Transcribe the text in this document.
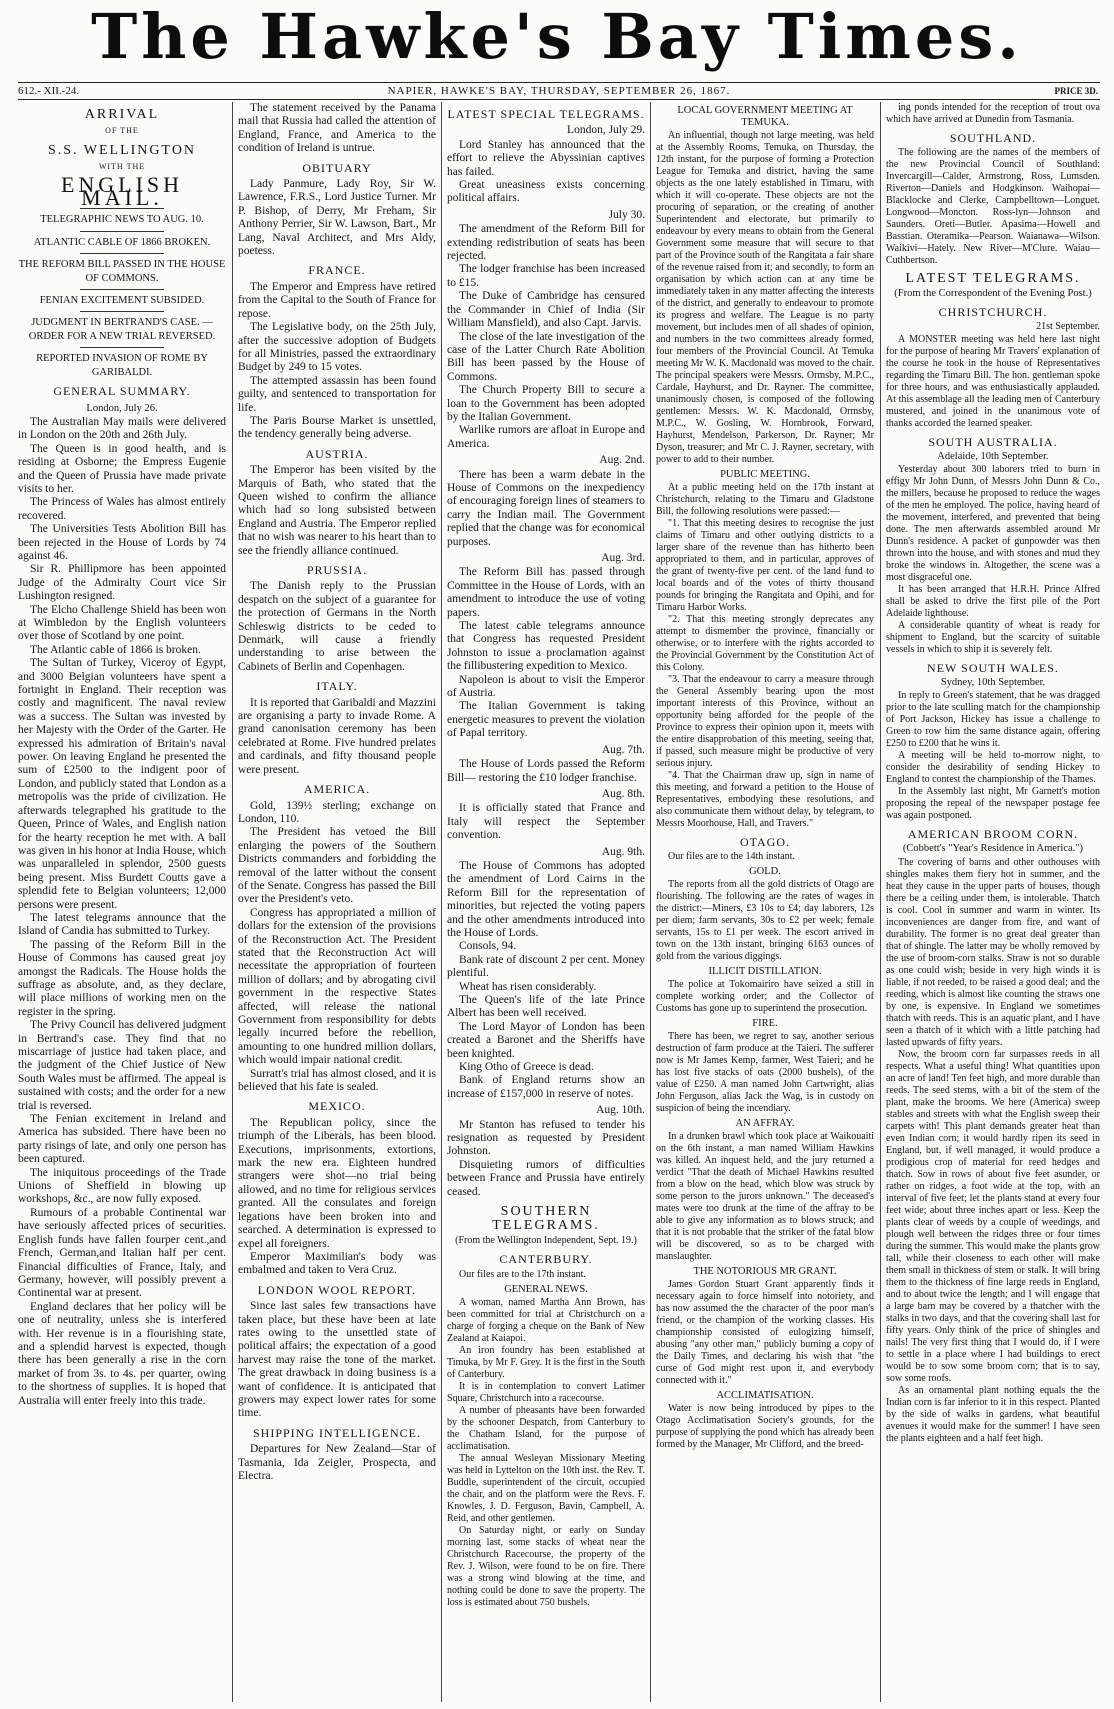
The Hawke's Bay Times.
612.- XII.-24.	NAPIER, HAWKE'S BAY, THURSDAY, SEPTEMBER 26, 1867.	PRICE 3D.
ARRIVAL
OF THE
S.S. WELLINGTON
WITH THE
ENGLISH MAIL.

TELEGRAPHIC NEWS TO AUG. 10.

ATLANTIC CABLE OF 1866 BROKEN.

THE REFORM BILL PASSED IN THE HOUSE OF COMMONS.

FENIAN EXCITEMENT SUBSIDED.

JUDGMENT IN BERTRAND'S CASE. —ORDER FOR A NEW TRIAL REVERSED.

REPORTED INVASION OF ROME BY GARIBALDI.

GENERAL SUMMARY.

London, July 26.

The Australian May mails were delivered in London on the 20th and 26th July.

The Queen is in good health, and is residing at Osborne; the Empress Eugenie and the Queen of Prussia have made private visits to her.

The Princess of Wales has almost entirely recovered.

The Universities Tests Abolition Bill has been rejected in the House of Lords by 74 against 46.

Sir R. Phillipmore has been appointed Judge of the Admiralty Court vice Sir Lushington resigned.

The Elcho Challenge Shield has been won at Wimbledon by the English volunteers over those of Scotland by one point.

The Atlantic cable of 1866 is broken.

The Sultan of Turkey, Viceroy of Egypt, and 3000 Belgian volunteers have spent a fortnight in England. Their reception was costly and magnificent. The naval review was a success. The Sultan was invested by her Majesty with the Order of the Garter. He expressed his admiration of Britain's naval power. On leaving England he presented the sum of £2500 to the indigent poor of London, and publicly stated that London as a metropolis was the pride of civilization. He afterwards telegraphed his gratitude to the Queen, Prince of Wales, and English nation for the hearty reception he met with. A ball was given in his honor at India House, which was unparalleled in splendor, 2500 guests being present. Miss Burdett Coutts gave a splendid fete to Belgian volunteers; 12,000 persons were present.

The latest telegrams announce that the Island of Candia has submitted to Turkey.

The passing of the Reform Bill in the House of Commons has caused great joy amongst the Radicals. The House holds the suffrage as absolute, and, as they declare, will place millions of working men on the register in the spring.

The Privy Council has delivered judgment in Bertrand's case. They find that no miscarriage of justice had taken place, and the judgment of the Chief Justice of New South Wales must be affirmed. The appeal is sustained with costs; and the order for a new trial is reversed.

The Fenian excitement in Ireland and America has subsided. There have been no party risings of late, and only one person has been captured.

The iniquitous proceedings of the Trade Unions of Sheffield in blowing up workshops, &c., are now fully exposed.

Rumours of a probable Continental war have seriously affected prices of securities. English funds have fallen fourper cent.,and French, German,and Italian half per cent. Financial difficulties of France, Italy, and Germany, however, will possibly prevent a Continental war at present.

England declares that her policy will be one of neutrality, unless she is interfered with. Her revenue is in a flourishing state, and a splendid harvest is expected, though there has been generally a rise in the corn market of from 3s. to 4s. per quarter, owing to the shortness of supplies. It is hoped that Australia will enter freely into this trade.

The statement received by the Panama mail that Russia had called the attention of England, France, and America to the condition of Ireland is untrue.

OBITUARY

Lady Panmure, Lady Roy, Sir W. Lawrence, F.R.S., Lord Justice Turner. Mr P. Bishop, of Derry, Mr Freham, Sir Anthony Perrier, Sir W. Lawson, Bart., Mr Lang, Naval Architect, and Mrs Aldy, poetess.

FRANCE.

The Emperor and Empress have retired from the Capital to the South of France for repose.

The Legislative body, on the 25th July, after the successive adoption of Budgets for all Ministries, passed the extraordinary Budget by 249 to 15 votes.

The attempted assassin has been found guilty, and sentenced to transportation for life.

The Paris Bourse Market is unsettled, the tendency generally being adverse.

AUSTRIA.

The Emperor has been visited by the Marquis of Bath, who stated that the Queen wished to confirm the alliance which had so long subsisted between England and Austria. The Emperor replied that no wish was nearer to his heart than to see the friendly alliance continued.

PRUSSIA.

The Danish reply to the Prussian despatch on the subject of a guarantee for the protection of Germans in the North Schleswig districts to be ceded to Denmark, will cause a friendly understanding to arise between the Cabinets of Berlin and Copenhagen.

ITALY.

It is reported that Garibaldi and Mazzini are organising a party to invade Rome. A grand canonisation ceremony has been celebrated at Rome. Five hundred prelates and cardinals, and fifty thousand people were present.

AMERICA.

Gold, 139½ sterling; exchange on London, 110.

The President has vetoed the Bill enlarging the powers of the Southern Districts commanders and forbidding the removal of the latter without the consent of the Senate. Congress has passed the Bill over the President's veto.

Congress has appropriated a million of dollars for the extension of the provisions of the Reconstruction Act. The President stated that the Reconstruction Act will necessitate the appropriation of fourteen million of dollars; and by abrogating civil government in the respective States affected, will release the national Government from responsibility for debts legally incurred before the rebellion, amounting to one hundred million dollars, which would impair national credit.

Surratt's trial has almost closed, and it is believed that his fate is sealed.

MEXICO.

The Republican policy, since the triumph of the Liberals, has been blood. Executions, imprisonments, extortions, mark the new era. Eighteen hundred strangers were shot—no trial being allowed, and no time for religious services granted. All the consulates and foreign legations have been broken into and searched. A determination is expressed to expel all foreigners.

Emperor Maximilian's body was embalmed and taken to Vera Cruz.

LONDON WOOL REPORT.

Since last sales few transactions have taken place, but these have been at late rates owing to the unsettled state of political affairs; the expectation of a good harvest may raise the tone of the market. The great drawback in doing business is a want of confidence. It is anticipated that growers may expect lower rates for some time.

SHIPPING INTELLIGENCE.

Departures for New Zealand—Star of Tasmania, Ida Zeigler, Prospecta, and Electra.

LATEST SPECIAL TELEGRAMS.

London, July 29.

Lord Stanley has announced that the effort to relieve the Abyssinian captives has failed.

Great uneasiness exists concerning political affairs.

July 30.

The amendment of the Reform Bill for extending redistribution of seats has been rejected.

The lodger franchise has been increased to £15.

The Duke of Cambridge has censured the Commander in Chief of India (Sir William Mansfield), and also Capt. Jarvis.

The close of the late investigation of the case of the Latter Church Rate Abolition Bill has been passed by the House of Commons.

The Church Property Bill to secure a loan to the Government has been adopted by the Italian Government.

Warlike rumors are afloat in Europe and America.

Aug. 2nd.

There has been a warm debate in the House of Commons on the inexpediency of encouraging foreign lines of steamers to carry the Indian mail. The Government replied that the change was for economical purposes.

Aug. 3rd.

The Reform Bill has passed through Committee in the House of Lords, with an amendment to introduce the use of voting papers.

The latest cable telegrams announce that Congress has requested President Johnston to issue a proclamation against the fillibustering expedition to Mexico.

Napoleon is about to visit the Emperor of Austria.

The Italian Government is taking energetic measures to prevent the violation of Papal territory.

Aug. 7th.

The House of Lords passed the Reform Bill— restoring the £10 lodger franchise.

Aug. 8th.

It is officially stated that France and Italy will respect the September convention.

Aug. 9th.

The House of Commons has adopted the amendment of Lord Cairns in the Reform Bill for the representation of minorities, but rejected the voting papers and the other amendments introduced into the House of Lords.

Consols, 94.

Bank rate of discount 2 per cent. Money plentiful.

Wheat has risen considerably.

The Queen's life of the late Prince Albert has been well received.

The Lord Mayor of London has been created a Baronet and the Sheriffs have been knighted.

King Otho of Greece is dead.

Bank of England returns show an increase of £157,000 in reserve of notes.

Aug. 10th.

Mr Stanton has refused to tender his resignation as requested by President Johnston.

Disquieting rumors of difficulties between France and Prussia have entirely ceased.

SOUTHERN TELEGRAMS.

(From the Wellington Independent, Sept. 19.)

CANTERBURY.

Our files are to the 17th instant.

GENERAL NEWS.

A woman, named Martha Ann Brown, has been committed for trial at Christchurch on a charge of forging a cheque on the Bank of New Zealand at Kaiapoi.

An iron foundry has been established at Timuka, by Mr F. Grey. It is the first in the South of Canterbury.

It is in contemplation to convert Latimer Square, Christchurch into a racecourse.

A number of pheasants have been forwarded by the schooner Despatch, from Canterbury to the Chatham Island, for the purpose of acclimatisation.

The annual Wesleyan Missionary Meeting was held in Lyttelton on the 10th inst. the Rev. T. Buddle, superintendent of the circuit, occupied the chair, and on the platform were the Revs. F. Knowles, J. D. Ferguson, Bavin, Campbell, A. Reid, and other gentlemen.

On Saturday night, or early on Sunday morning last, some stacks of wheat near the Christchurch Racecourse, the property of the Rev. J. Wilson, were found to be on fire. There was a strong wind blowing at the time, and nothing could be done to save the property. The loss is estimated about 750 bushels.

LOCAL GOVERNMENT MEETING AT TEMUKA.

An influential, though not large meeting, was held at the Assembly Rooms, Temuka, on Thursday, the 12th instant, for the purpose of forming a Protection League for Temuka and district, having the same objects as the one lately established in Timaru, with which it will co-operate. These objects are not the procuring of separation, or the creating of another Superintendent and electorate, but primarily to endeavour by every means to obtain from the General Government some measure that will secure to that part of the Province south of the Rangitata a fair share of the revenue raised from it; and secondly, to form an organisation by which action can at any time be immediately taken in any matter affecting the interests of the district, and generally to endeavour to promote its progress and welfare. The League is no party movement, but includes men of all shades of opinion, and numbers in the two committees already formed, four members of the Provincial Council. At Temuka meeting Mr W. K. Macdonald was moved to the chair. The principal speakers were Messrs. Ormsby, M.P.C., Cardale, Hayhurst, and Dr. Rayner. The committee, unanimously chosen, is composed of the following gentlemen: Messrs. W. K. Macdonald, Ormsby, M.P.C., W. Gosling, W. Hornbrook, Forward, Hayhurst, Mendelson, Parkerson, Dr. Rayner; Mr Dyson, treasurer; and Mr C. J. Rayner, secretary, with power to add to their number.

PUBLIC MEETING.

At a public meeting held on the 17th instant at Christchurch, relating to the Timaru and Gladstone Bill, the following resolutions were passed:—

"1. That this meeting desires to recognise the just claims of Timaru and other outlying districts to a larger share of the revenue than has hitherto been appropriated to them, and in particular, approves of the grant of twenty-five per cent. of the land fund to local boards and of the votes of thirty thousand pounds for bringing the Rangitata and Opihi, and for Timaru Harbor Works.

"2. That this meeting strongly deprecates any attempt to dismember the province, financially or otherwise, or to interfere with the rights accorded to the Provincial Government by the Constitution Act of this Colony.

"3. That the endeavour to carry a measure through the General Assembly bearing upon the most important interests of this Province, without an opportunity being afforded for the people of the Province to express their opinion upon it, meets with the entire disapprobation of this meeting, seeing that, if passed, such measure might be productive of very serious injury.

"4. That the Chairman draw up, sign in name of this meeting, and forward a petition to the House of Representatives, embodying these resolutions, and also communicate them without delay, by telegram, to Messrs Moorhouse, Hall, and Travers."

OTAGO.

Our files are to the 14th instant.

GOLD.

The reports from all the gold districts of Otago are flourishing. The following are the rates of wages in the district:—Miners, £3 10s to £4; day laborers, 12s per diem; farm servants, 30s to £2 per week; female servants, 15s to £1 per week. The escort arrived in town on the 13th instant, bringing 6163 ounces of gold from the various diggings.

ILLICIT DISTILLATION.

The police at Tokomairiro have seized a still in complete working order; and the Collector of Customs has gone up to superintend the prosecution.

FIRE.

There has been, we regret to say, another serious destruction of farm produce at the Taieri. The sufferer now is Mr James Kemp, farmer, West Taieri; and he has lost five stacks of oats (2000 bushels), of the value of £250. A man named John Cartwright, alias John Ferguson, alias Jack the Wag, is in custody on suspicion of being the incendiary.

AN AFFRAY.

In a drunken brawl which took place at Waikouaiti on the 6th instant, a man named William Hawkins was killed. An inquest held, and the jury returned a verdict "That the death of Michael Hawkins resulted from a blow on the head, which blow was struck by some person to the jurors unknown." The deceased's mates were too drunk at the time of the affray to be able to give any information as to blows struck; and that it is not probable that the striker of the fatal blow will be discovered, so as to be charged with manslaughter.

THE NOTORIOUS MR GRANT.

James Gordon Stuart Grant apparently finds it necessary again to force himself into notoriety, and has now assumed the the character of the poor man's friend, or the champion of the working classes. His championship consisted of eulogizing himself, abusing "any other man," publicly burning a copy of the Daily Times, and declaring his wish that "the curse of God might rest upon it, and everybody connected with it."

ACCLIMATISATION.

Water is now being introduced by pipes to the Otago Acclimatisation Society's grounds, for the purpose of supplying the pond which has already been formed by the Manager, Mr Clifford, and the breed-

ing ponds intended for the reception of trout ova which have arrived at Dunedin from Tasmania.

SOUTHLAND.

The following are the names of the members of the new Provincial Council of Southland: Invercargill—Calder, Armstrong, Ross, Lumsden. Riverton—Daniels and Hodgkinson. Waihopai—Blacklocke and Clerke, Campbelltown—Longuet. Longwood—Moncton. Ross-lyn—Johnson and Saunders. Oreti—Butler. Apasima—Howell and Basstian. Oteramika—Pearson. Waianawa—Wilson. Waikivi—Hately. New River—M'Clure. Waiau—Cuthbertson.

LATEST TELEGRAMS.

(From the Correspondent of the Evening Post.)

CHRISTCHURCH.

21st September.

A MONSTER meeting was held here last night for the purpose of hearing Mr Travers' explanation of the course he took in the house of Representatives regarding the Timaru Bill. The hon. gentleman spoke for three hours, and was enthusiastically applauded. At this assemblage all the leading men of Canterbury mustered, and joined in the unanimous vote of thanks accorded the learned speaker.

SOUTH AUSTRALIA.

Adelaide, 10th September.

Yesterday about 300 laborers tried to burn in effigy Mr John Dunn, of Messrs John Dunn & Co., the millers, because he proposed to reduce the wages of the men he employed. The police, having heard of the movement, interfered, and prevented that being done. The men afterwards assembled around Mr Dunn's residence. A packet of gunpowder was then thrown into the house, and with stones and mud they broke the windows in. Altogether, the scene was a most disgraceful one.

It has been arranged that H.R.H. Prince Alfred shall be asked to drive the first pile of the Port Adelaide lighthouse.

A considerable quantity of wheat is ready for shipment to England, but the scarcity of suitable vessels in which to ship it is severely felt.

NEW SOUTH WALES.

Sydney, 10th September.

In reply to Green's statement, that he was dragged prior to the late sculling match for the championship of Port Jackson, Hickey has issue a challenge to Green to row him the same distance again, offering £250 to £200 that he wins it.

A meeting will be held to-morrow night, to consider the desirability of sending Hickey to England to contest the championship of the Thames.

In the Assembly last night, Mr Garnett's motion proposing the repeal of the newspaper postage fee was again postponed.

AMERICAN BROOM CORN.

(Cobbett's "Year's Residence in America.")

The covering of barns and other outhouses with shingles makes them fiery hot in summer, and the heat they cause in the upper parts of houses, though there be a ceiling under them, is intolerable. Thatch is cool. Cool in summer and warm in winter. Its inconveniences are danger from fire, and want of durability. The former is no great deal greater than that of shingle. The latter may be wholly removed by the use of broom-corn stalks. Straw is not so durable as one could wish; beside in very high winds it is liable, if not reeded, to be raised a good deal; and the reeding, which is almost like counting the straws one by one, is expensive. In England we sometimes thatch with reeds. This is an aquatic plant, and I have seen a thatch of it which with a little patching had lasted upwards of fifty years.

Now, the broom corn far surpasses reeds in all respects. What a useful thing! What quantities upon an acre of land! Ten feet high, and more durable than reeds. The seed stems, with a bit of the stem of the plant, make the brooms. We here (America) sweep stables and streets with what the English sweep their carpets with! This plant demands greater heat than even Indian corn; it would hardly ripen its seed in England, but, if well managed, it would produce a prodigious crop of material for reed hedges and thatch. Sow in rows of about five feet asunder, or rather on ridges, a foot wide at the top, with an interval of five feet; let the plants stand at every four feet wide; about three inches apart or less. Keep the plants clear of weeds by a couple of weedings, and plough well between the ridges three or four times during the summer. This would make the plants grow tall, while their closeness to each other will make them small in thickness of stem or stalk. It will bring them to the thickness of fine large reeds in England, and to about twice the length; and I will engage that a large barn may be covered by a thatcher with the stalks in two days, and that the covering shall last for fifty years. Only think of the price of shingles and nails! The very first thing that I would do, if I were to settle in a place where I had buildings to erect would be to sow some broom corn; that is to say, sow some roofs.

As an ornamental plant nothing equals the the Indian corn is far inferior to it in this respect. Planted by the side of walks in gardens, what beautiful avenues it would make for the summer! I have seen the plants eighteen and a half feet high.
